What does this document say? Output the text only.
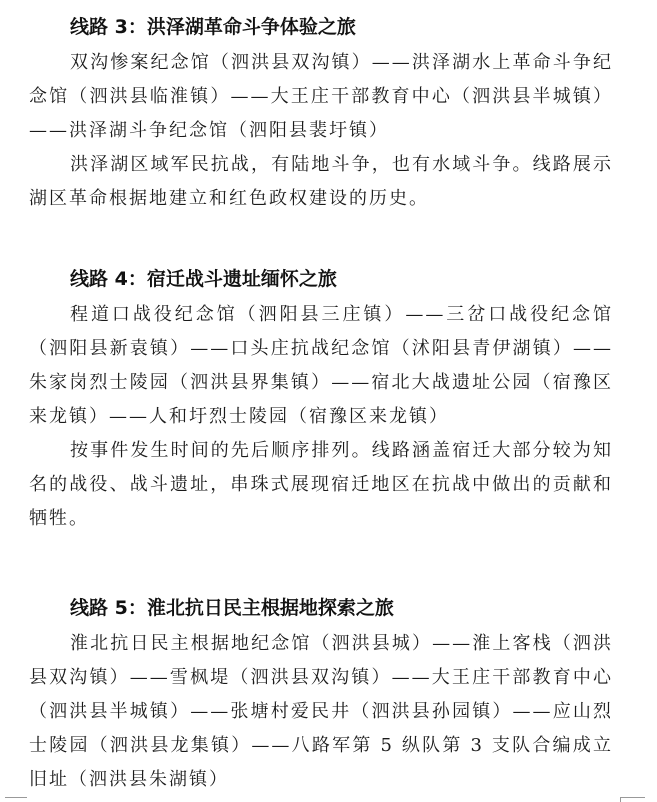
线路 3：洪泽湖革命斗争体验之旅
双沟惨案纪念馆（泗洪县双沟镇）——洪泽湖水上革命斗争纪念馆（泗洪县临淮镇）——大王庄干部教育中心（泗洪县半城镇）——洪泽湖斗争纪念馆（泗阳县裴圩镇）
洪泽湖区域军民抗战，有陆地斗争，也有水域斗争。线路展示湖区革命根据地建立和红色政权建设的历史。
线路 4：宿迁战斗遗址缅怀之旅
程道口战役纪念馆（泗阳县三庄镇）——三岔口战役纪念馆（泗阳县新袁镇）——口头庄抗战纪念馆（沭阳县青伊湖镇）——朱家岗烈士陵园（泗洪县界集镇）——宿北大战遗址公园（宿豫区来龙镇）——人和圩烈士陵园（宿豫区来龙镇）
按事件发生时间的先后顺序排列。线路涵盖宿迁大部分较为知名的战役、战斗遗址，串珠式展现宿迁地区在抗战中做出的贡献和牺牲。
线路 5：淮北抗日民主根据地探索之旅
淮北抗日民主根据地纪念馆（泗洪县城）——淮上客栈（泗洪县双沟镇）——雪枫堤（泗洪县双沟镇）——大王庄干部教育中心（泗洪县半城镇）——张塘村爱民井（泗洪县孙园镇）——应山烈士陵园（泗洪县龙集镇）——八路军第 5 纵队第 3 支队合编成立旧址（泗洪县朱湖镇）
